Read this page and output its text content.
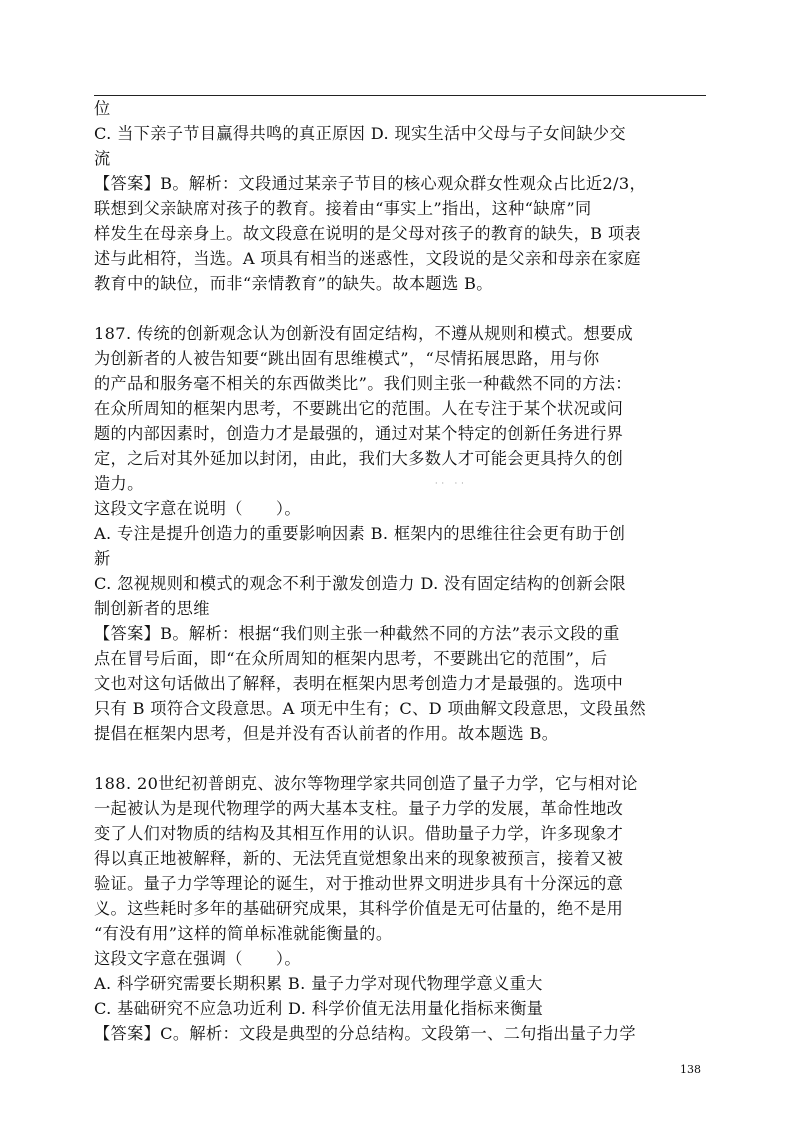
位
C. 当下亲子节目赢得共鸣的真正原因 D. 现实生活中父母与子女间缺少交
流
【答案】B。解析：文段通过某亲子节目的核心观众群女性观众占比近2/3，
联想到父亲缺席对孩子的教育。接着由“事实上”指出，这种“缺席”同
样发生在母亲身上。故文段意在说明的是父母对孩子的教育的缺失，B 项表
述与此相符，当选。A 项具有相当的迷惑性，文段说的是父亲和母亲在家庭
教育中的缺位，而非“亲情教育”的缺失。故本题选 B。
187. 传统的创新观念认为创新没有固定结构，不遵从规则和模式。想要成
为创新者的人被告知要“跳出固有思维模式”，“尽情拓展思路，用与你
的产品和服务毫不相关的东西做类比”。我们则主张一种截然不同的方法：
在众所周知的框架内思考，不要跳出它的范围。人在专注于某个状况或问
题的内部因素时，创造力才是最强的，通过对某个特定的创新任务进行界
定，之后对其外延加以封闭，由此，我们大多数人才可能会更具持久的创
造力。
这段文字意在说明（　　）。
A. 专注是提升创造力的重要影响因素 B. 框架内的思维往往会更有助于创
新
C. 忽视规则和模式的观念不利于激发创造力 D. 没有固定结构的创新会限
制创新者的思维
【答案】B。解析：根据“我们则主张一种截然不同的方法”表示文段的重
点在冒号后面，即“在众所周知的框架内思考，不要跳出它的范围”，后
文也对这句话做出了解释，表明在框架内思考创造力才是最强的。选项中
只有 B 项符合文段意思。A 项无中生有；C、D 项曲解文段意思，文段虽然
提倡在框架内思考，但是并没有否认前者的作用。故本题选 B。
188. 20世纪初普朗克、波尔等物理学家共同创造了量子力学，它与相对论
一起被认为是现代物理学的两大基本支柱。量子力学的发展，革命性地改
变了人们对物质的结构及其相互作用的认识。借助量子力学，许多现象才
得以真正地被解释，新的、无法凭直觉想象出来的现象被预言，接着又被
验证。量子力学等理论的诞生，对于推动世界文明进步具有十分深远的意
义。这些耗时多年的基础研究成果，其科学价值是无可估量的，绝不是用
“有没有用”这样的简单标准就能衡量的。
这段文字意在强调（　　）。
A. 科学研究需要长期积累 B. 量子力学对现代物理学意义重大
C. 基础研究不应急功近利 D. 科学价值无法用量化指标来衡量
【答案】C。解析：文段是典型的分总结构。文段第一、二句指出量子力学
·· ··
138
